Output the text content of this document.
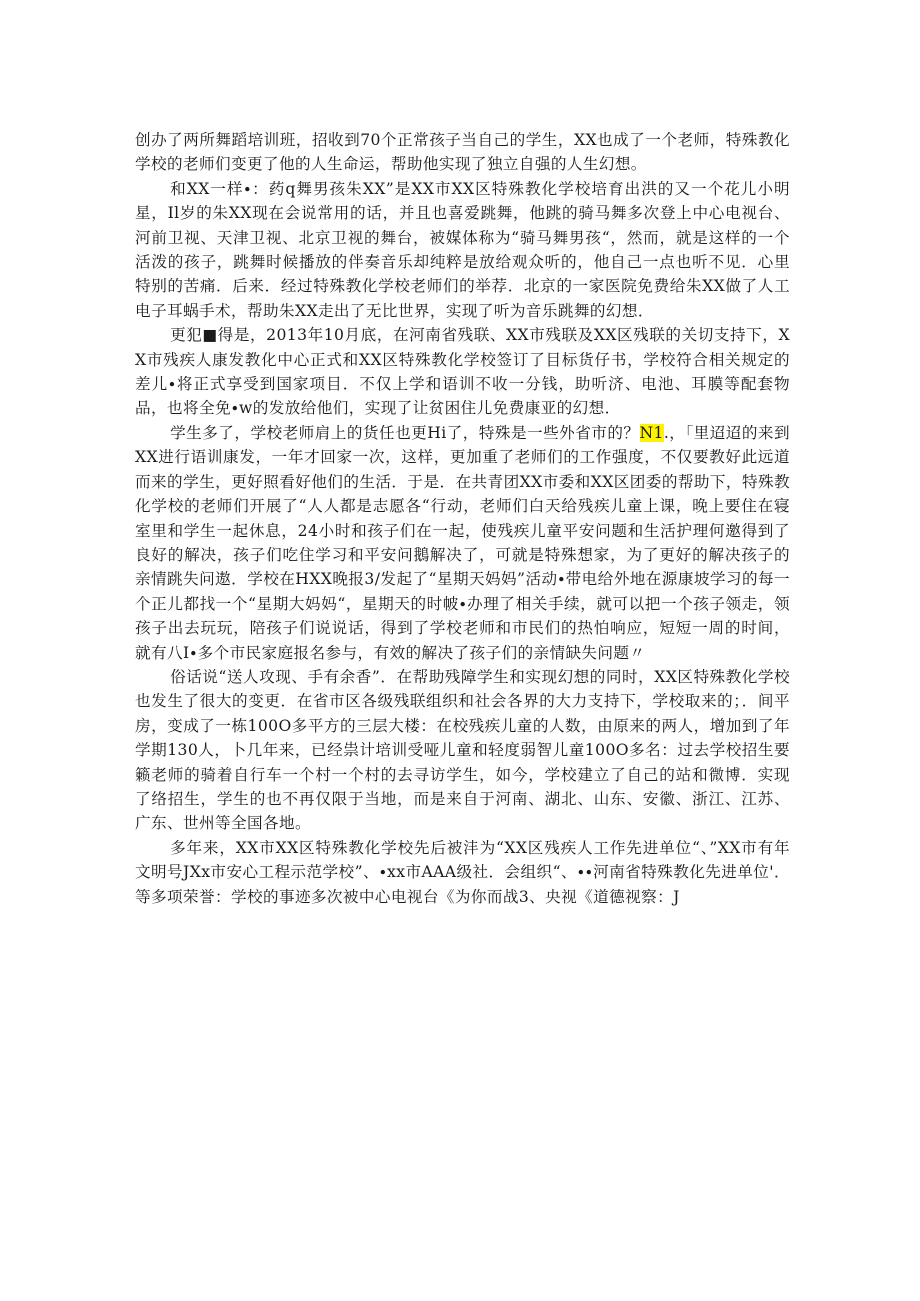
创办了两所舞蹈培训班，招收到70个正常孩子当自己的学生，XX也成了一个老师，特殊教化学校的老师们变更了他的人生命运，帮助他实现了独立自强的人生幻想。

和XX一样∙：药q舞男孩朱XX”是XX市XX区特殊教化学校培育出洪的又一个花儿小明星，Il岁的朱XX现在会说常用的话，并且也喜爱跳舞，他跳的骑马舞多次登上中心电视台、河前卫视、天津卫视、北京卫视的舞台，被媒体称为“骑马舞男孩“，然而，就是这样的一个活泼的孩子，跳舞时候播放的伴奏音乐却纯粹是放给观众听的，他自己一点也听不见．心里特别的苦痛．后来．经过特殊教化学校老师们的举荐．北京的一家医院免费给朱XX做了人工电子耳蜗手术，帮助朱XX走出了无比世界，实现了听为音乐跳舞的幻想．

更犯■得是，2013年10月底，在河南省残联、XX市残联及XX区残联的关切支持下，XX市残疾人康发教化中心正式和XX区特殊教化学校签订了目标货仔书，学校符合相关规定的差儿∙将正式享受到国家项目．不仅上学和语训不收一分钱，助听济、电池、耳膜等配套物品，也将全免∙w的发放给他们，实现了让贫困住儿免费康亚的幻想．

学生多了，学校老师肩上的货任也更Hi了，特殊是一些外省市的？N1.，「里迢迢的来到XX进行语训康发，一年才回家一次，这样，更加重了老师们的工作强度，不仅要教好此远道而来的学生，更好照看好他们的生活．于是．在共青团XX市委和XX区团委的帮助下，特殊教化学校的老师们开展了“人人都是志愿各“行动，老师们白天给残疾儿童上课，晚上要住在寝室里和学生一起休息，24小时和孩子们在一起，使残疾儿童平安问题和生活护理何邀得到了良好的解决，孩子们吃住学习和平安问鵝解决了，可就是特殊想家，为了更好的解决孩子的亲情跳失问遨．学校在HXX晚报3∕发起了“星期天妈妈”活动∙带电给外地在源康坡学习的每一个正儿都找一个“星期大妈妈“，星期天的时帔∙办理了相关手续，就可以把一个孩子领走，领孩子出去玩玩，陪孩子们说说话，得到了学校老师和市民们的热怕响应，短短一周的时间，就有八I∙多个市民家庭报名参与，有效的解决了孩子们的亲情缺失问题〃

俗话说“送人攻现、手有余香”．在帮助残障学生和实现幻想的同时，XX区特殊教化学校也发生了很大的变更．在省市区各级残联组织和社会各界的大力支持下，学校取来的；．间平房，变成了一栋100O多平方的三层大楼：在校残疾儿童的人数，由原来的两人，增加到了年学期130人，卜几年来，已经祟计培训受哑儿童和轻度弱智儿童100O多名：过去学校招生要籁老师的骑着自行车一个村一个村的去寻访学生，如今，学校建立了自己的站和微博．实现了络招生，学生的也不再仅限于当地，而是来自于河南、湖北、山东、安徽、浙江、江苏、广东、世州等全国各地。

多年来，XX市XX区特殊教化学校先后被沣为“XX区残疾人工作先进单位“、”XX市有年文明号JXx市安心工程示范学校”、∙xx市AAA级社．会组织“、∙∙河南省特殊教化先进单位'．等多项荣誉：学校的事迹多次被中心电视台《为你而战3、央视《道德视察：J
